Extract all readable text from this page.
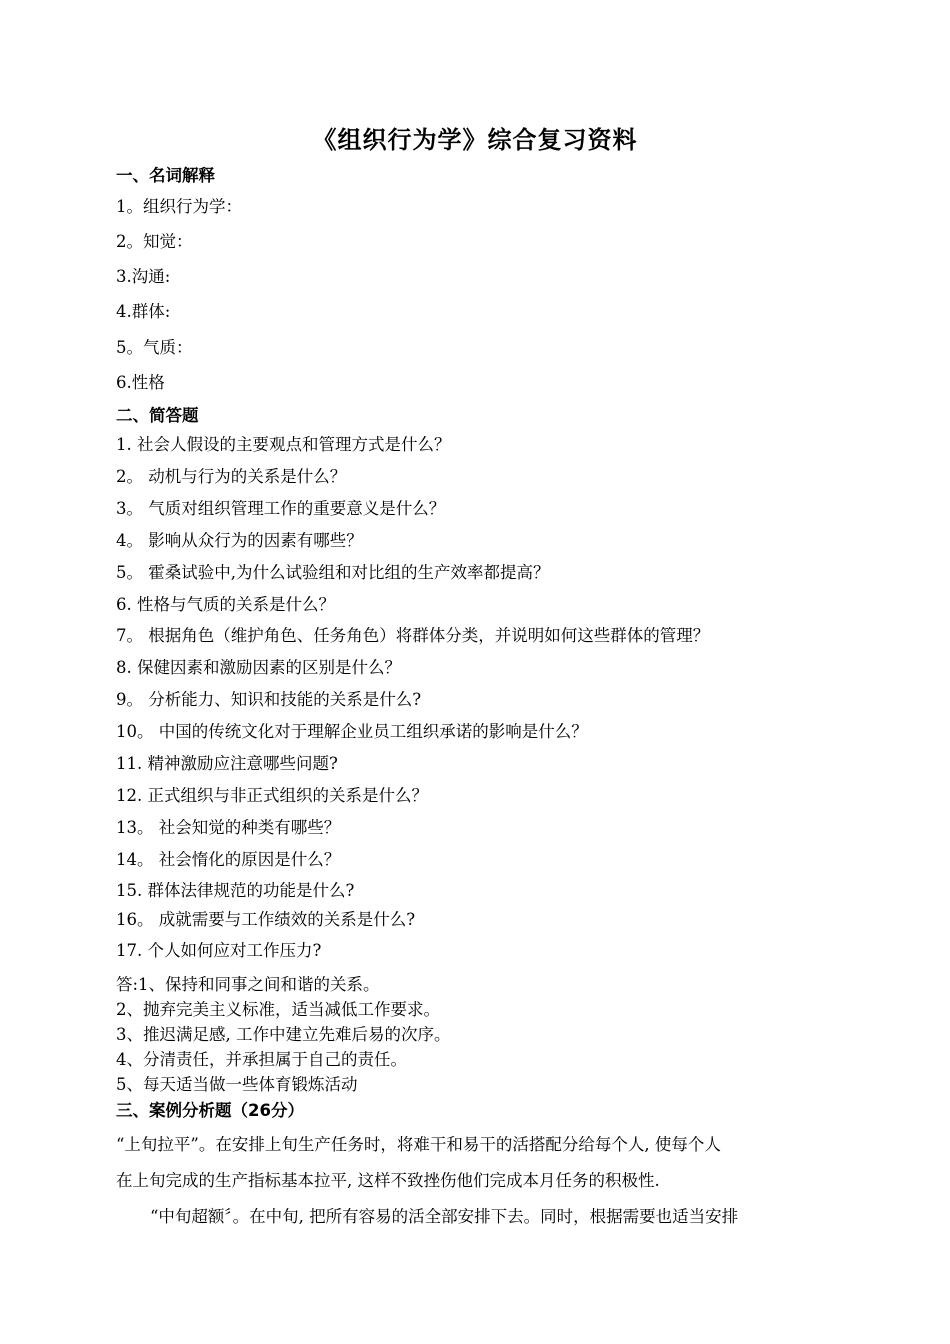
《组织行为学》综合复习资料
一、名词解释
1。组织行为学：
2。知觉：
3.沟通:
4.群体:
5。气质：
6.性格
二、简答题
1. 社会人假设的主要观点和管理方式是什么？
2。 动机与行为的关系是什么？
3。 气质对组织管理工作的重要意义是什么？
4。 影响从众行为的因素有哪些？
5。 霍桑试验中,为什么试验组和对比组的生产效率都提高？
6. 性格与气质的关系是什么？
7。 根据角色（维护角色、任务角色）将群体分类，并说明如何这些群体的管理？
8. 保健因素和激励因素的区别是什么？
9。 分析能力、知识和技能的关系是什么?
10。 中国的传统文化对于理解企业员工组织承诺的影响是什么？
11. 精神激励应注意哪些问题?
12. 正式组织与非正式组织的关系是什么？
13。 社会知觉的种类有哪些？
14。 社会惰化的原因是什么？
15. 群体法律规范的功能是什么?
16。 成就需要与工作绩效的关系是什么?
17. 个人如何应对工作压力?
答:1、保持和同事之间和谐的关系。
2、抛弃完美主义标准，适当减低工作要求。
3、推迟满足感, 工作中建立先难后易的次序。
4、分清责任，并承担属于自己的责任。
5、每天适当做一些体育锻炼活动
三、案例分析题（26分）
“上旬拉平”。在安排上旬生产任务时，将难干和易干的活搭配分给每个人, 使每个人
在上旬完成的生产指标基本拉平, 这样不致挫伤他们完成本月任务的积极性.
“中旬超额〞。在中旬, 把所有容易的活全部安排下去。同时，根据需要也适当安排
